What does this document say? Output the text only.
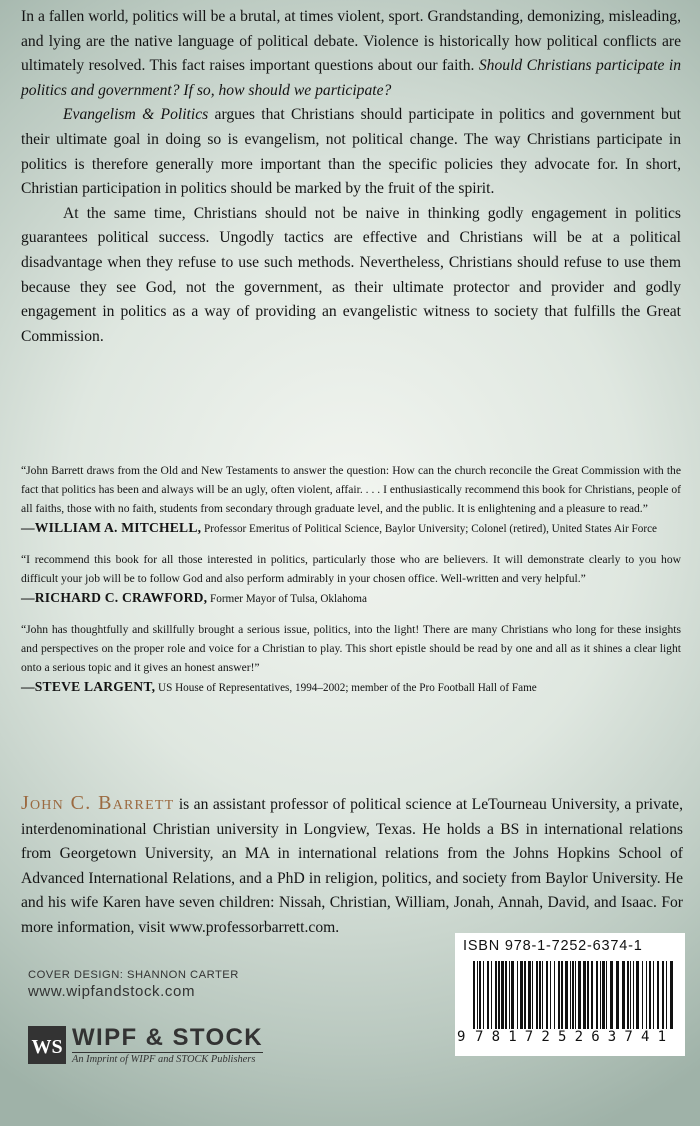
In a fallen world, politics will be a brutal, at times violent, sport. Grandstanding, demonizing, misleading, and lying are the native language of political debate. Violence is historically how political conflicts are ultimately resolved. This fact raises important questions about our faith. Should Christians participate in politics and government? If so, how should we participate?

Evangelism & Politics argues that Christians should participate in politics and government but their ultimate goal in doing so is evangelism, not political change. The way Christians participate in politics is therefore generally more important than the specific policies they advocate for. In short, Christian participation in politics should be marked by the fruit of the spirit.

At the same time, Christians should not be naive in thinking godly engagement in politics guarantees political success. Ungodly tactics are effective and Christians will be at a political disadvantage when they refuse to use such methods. Nevertheless, Christians should refuse to use them because they see God, not the government, as their ultimate protector and provider and godly engagement in politics as a way of providing an evangelistic witness to society that fulfills the Great Commission.

“John Barrett draws from the Old and New Testaments to answer the question: How can the church reconcile the Great Commission with the fact that politics has been and always will be an ugly, often violent, affair. . . . I enthusiastically recommend this book for Christians, people of all faiths, those with no faith, students from secondary through graduate level, and the public. It is enlightening and a pleasure to read.”
—WILLIAM A. MITCHELL, Professor Emeritus of Political Science, Baylor University; Colonel (retired), United States Air Force
“I recommend this book for all those interested in politics, particularly those who are believers. It will demonstrate clearly to you how difficult your job will be to follow God and also perform admirably in your chosen office. Well-written and very helpful.”
—RICHARD C. CRAWFORD, Former Mayor of Tulsa, Oklahoma
“John has thoughtfully and skillfully brought a serious issue, politics, into the light! There are many Christians who long for these insights and perspectives on the proper role and voice for a Christian to play. This short epistle should be read by one and all as it shines a clear light onto a serious topic and it gives an honest answer!”
—STEVE LARGENT, US House of Representatives, 1994–2002; member of the Pro Football Hall of Fame
John C. Barrett is an assistant professor of political science at LeTourneau University, a private, interdenominational Christian university in Longview, Texas. He holds a BS in international relations from Georgetown University, an MA in international relations from the Johns Hopkins School of Advanced International Relations, and a PhD in religion, politics, and society from Baylor University. He and his wife Karen have seven children: Nissah, Christian, William, Jonah, Annah, David, and Isaac. For more information, visit www.professorbarrett.com.
COVER DESIGN: SHANNON CARTER
www.wipfandstock.com
WS WIPF & STOCK
An Imprint of WIPF and STOCK Publishers
ISBN 978-1-7252-6374-1
9 7 8 1 7 2 5 2 6 3 7 4 1
